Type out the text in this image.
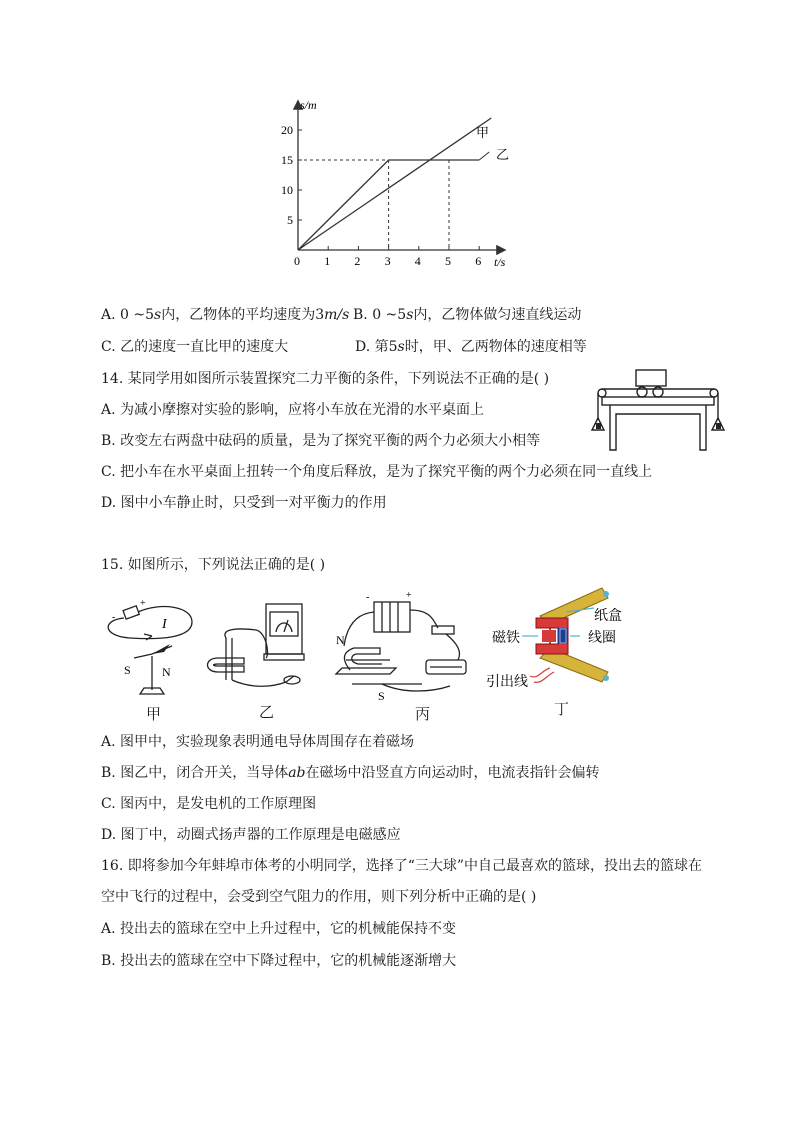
0 1 2 3 4 5 6
5
10
15
20
s/m
t/s
甲
乙
A. 0 ~5s内，乙物体的平均速度为3m/s B. 0 ~5s内，乙物体做匀速直线运动
C. 乙的速度一直比甲的速度大	D. 第5s时，甲、乙两物体的速度相等
14. 某同学用如图所示装置探究二力平衡的条件，下列说法不正确的是( )
A. 为减小摩擦对实验的影响，应将小车放在光滑的水平桌面上
B. 改变左右两盘中砝码的质量，是为了探究平衡的两个力必须大小相等
C. 把小车在水平桌面上扭转一个角度后释放，是为了探究平衡的两个力必须在同一直线上
D. 图中小车静止时，只受到一对平衡力的作用
15. 如图所示，下列说法正确的是( )
-
+
I
S	N
-	+
N
S
纸盒
线圈
磁铁
引出线
甲	乙	丙	丁
A. 图甲中，实验现象表明通电导体周围存在着磁场
B. 图乙中，闭合开关，当导体ab在磁场中沿竖直方向运动时，电流表指针会偏转
C. 图丙中，是发电机的工作原理图
D. 图丁中，动圈式扬声器的工作原理是电磁感应
16. 即将参加今年蚌埠市体考的小明同学，选择了“三大球”中自己最喜欢的篮球，投出去的篮球在
空中飞行的过程中，会受到空气阻力的作用，则下列分析中正确的是( )
A. 投出去的篮球在空中上升过程中，它的机械能保持不变
B. 投出去的篮球在空中下降过程中，它的机械能逐渐增大
